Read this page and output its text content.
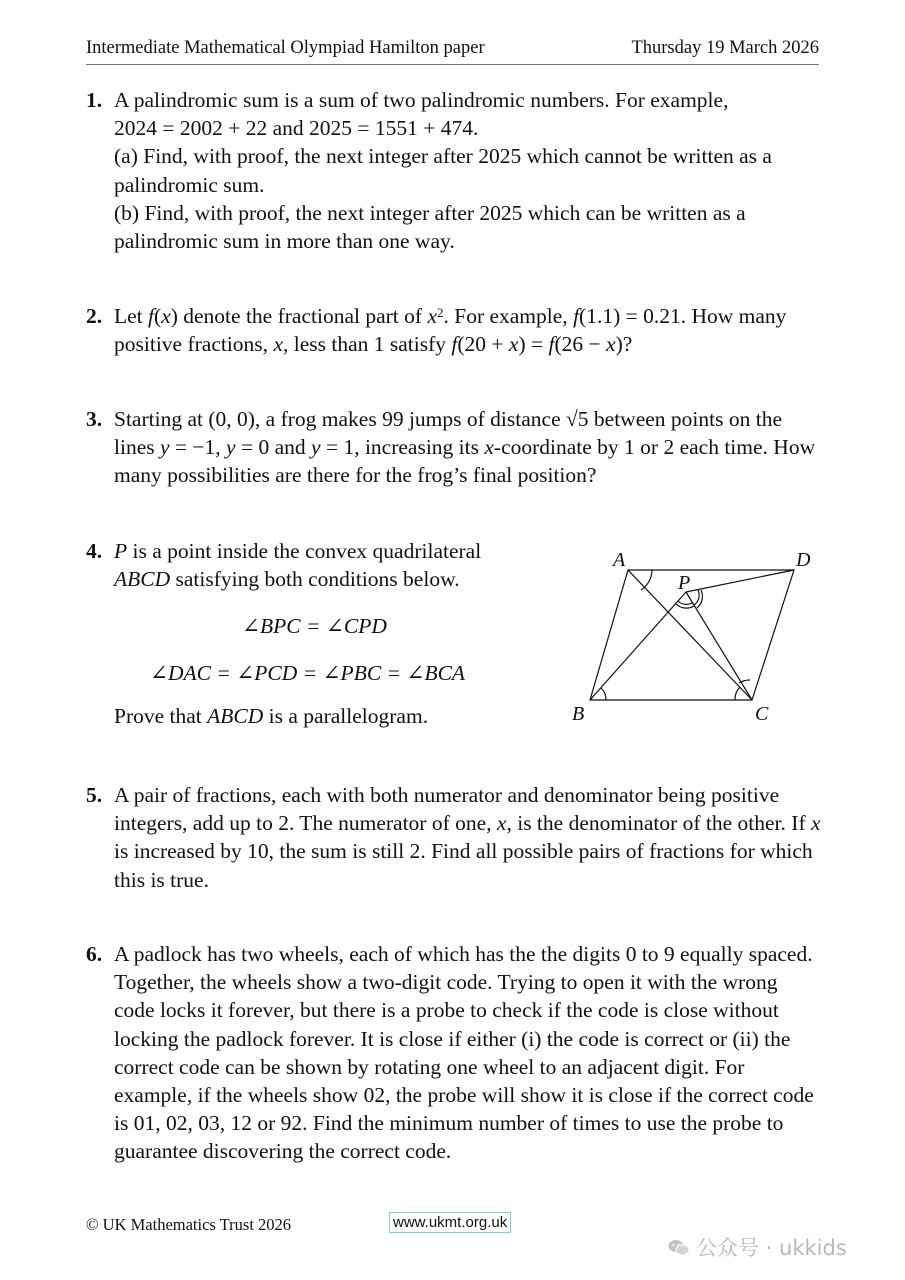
Intermediate Mathematical Olympiad Hamilton paper	Thursday 19 March 2026
1. A palindromic sum is a sum of two palindromic numbers. For example,

2024 = 2002 + 22 and 2025 = 1551 + 474.

(a) Find, with proof, the next integer after 2025 which cannot be written as a palindromic sum.

(b) Find, with proof, the next integer after 2025 which can be written as a palindromic sum in more than one way.

2. Let f(x) denote the fractional part of $x^2$. For example, f(1.1) = 0.21. How many positive fractions, x, less than 1 satisfy f(20 + x) = f(26 − x)?

3. Starting at (0, 0), a frog makes 99 jumps of distance √5 between points on the lines y = −1, y = 0 and y = 1, increasing its x-coordinate by 1 or 2 each time. How many possibilities are there for the frog’s final position?

4. P is a point inside the convex quadrilateral ABCD satisfying both conditions below.

∠BPC = ∠CPD
∠DAC = ∠PCD = ∠PBC = ∠BCA

Prove that ABCD is a parallelogram.

A	D
P
B	C
5. A pair of fractions, each with both numerator and denominator being positive integers, add up to 2. The numerator of one, x, is the denominator of the other. If x is increased by 10, the sum is still 2. Find all possible pairs of fractions for which this is true.

6. A padlock has two wheels, each of which has the the digits 0 to 9 equally spaced. Together, the wheels show a two-digit code. Trying to open it with the wrong code locks it forever, but there is a probe to check if the code is close without locking the padlock forever. It is close if either (i) the code is correct or (ii) the correct code can be shown by rotating one wheel to an adjacent digit. For example, if the wheels show 02, the probe will show it is close if the correct code is 01, 02, 03, 12 or 92. Find the minimum number of times to use the probe to guarantee discovering the correct code.

© UK Mathematics Trust 2026	www.ukmt.org.uk
公众号 · ukkids
